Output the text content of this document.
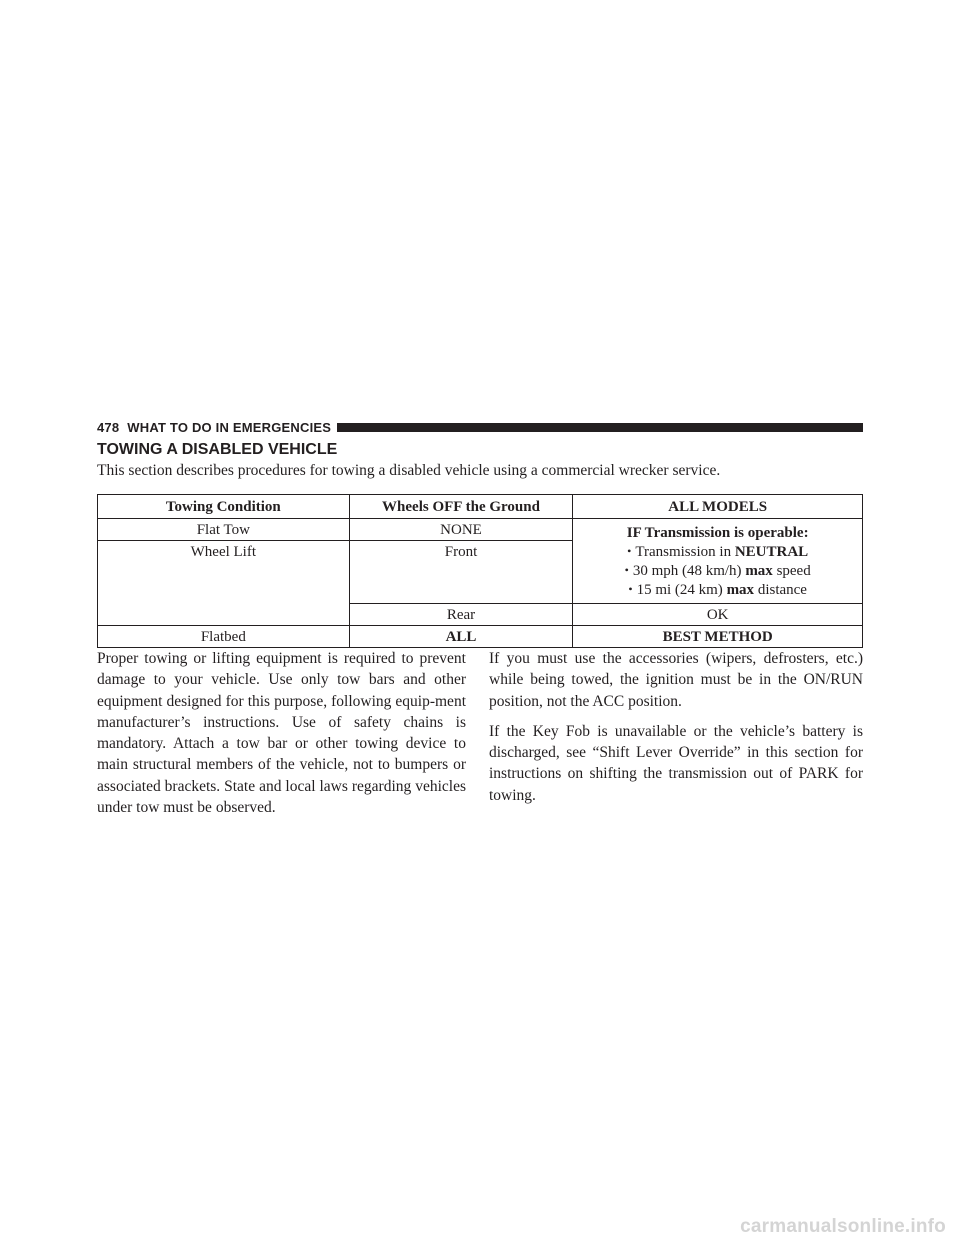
478 WHAT TO DO IN EMERGENCIES
TOWING A DISABLED VEHICLE

This section describes procedures for towing a disabled vehicle using a commercial wrecker service.

Towing Condition	Wheels OFF the Ground	ALL MODELS
Flat Tow	NONE	IF Transmission is operable:
• Transmission in NEUTRAL
• 30 mph (48 km/h) max speed
• 15 mi (24 km) max distance

Wheel Lift	Front	
	Rear	OK
Flatbed	ALL	BEST METHOD

Proper towing or lifting equipment is required to prevent damage to your vehicle. Use only tow bars and other equipment designed for this purpose, following equip-ment manufacturer’s instructions. Use of safety chains is mandatory. Attach a tow bar or other towing device to main structural members of the vehicle, not to bumpers or associated brackets. State and local laws regarding vehicles under tow must be observed.

If you must use the accessories (wipers, defrosters, etc.) while being towed, the ignition must be in the ON/RUN position, not the ACC position.

If the Key Fob is unavailable or the vehicle’s battery is discharged, see “Shift Lever Override” in this section for instructions on shifting the transmission out of PARK for towing.

carmanualsonline.info
